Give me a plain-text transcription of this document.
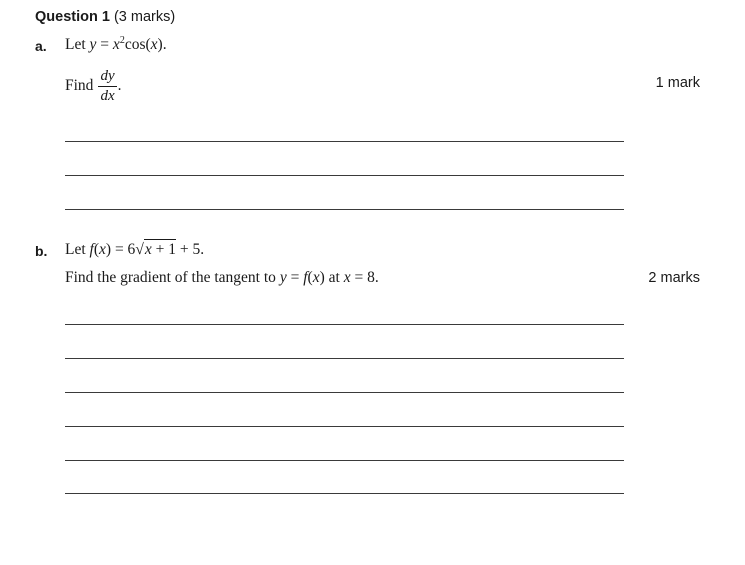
Question 1 (3 marks)
a. Let $y = x^2\cos(x)$.
Find $\frac{dy}{dx}$ .	1 mark
b. Let f(x) = 6√x + 1 + 5.
Find the gradient of the tangent to y = f(x) at x = 8.	2 marks
